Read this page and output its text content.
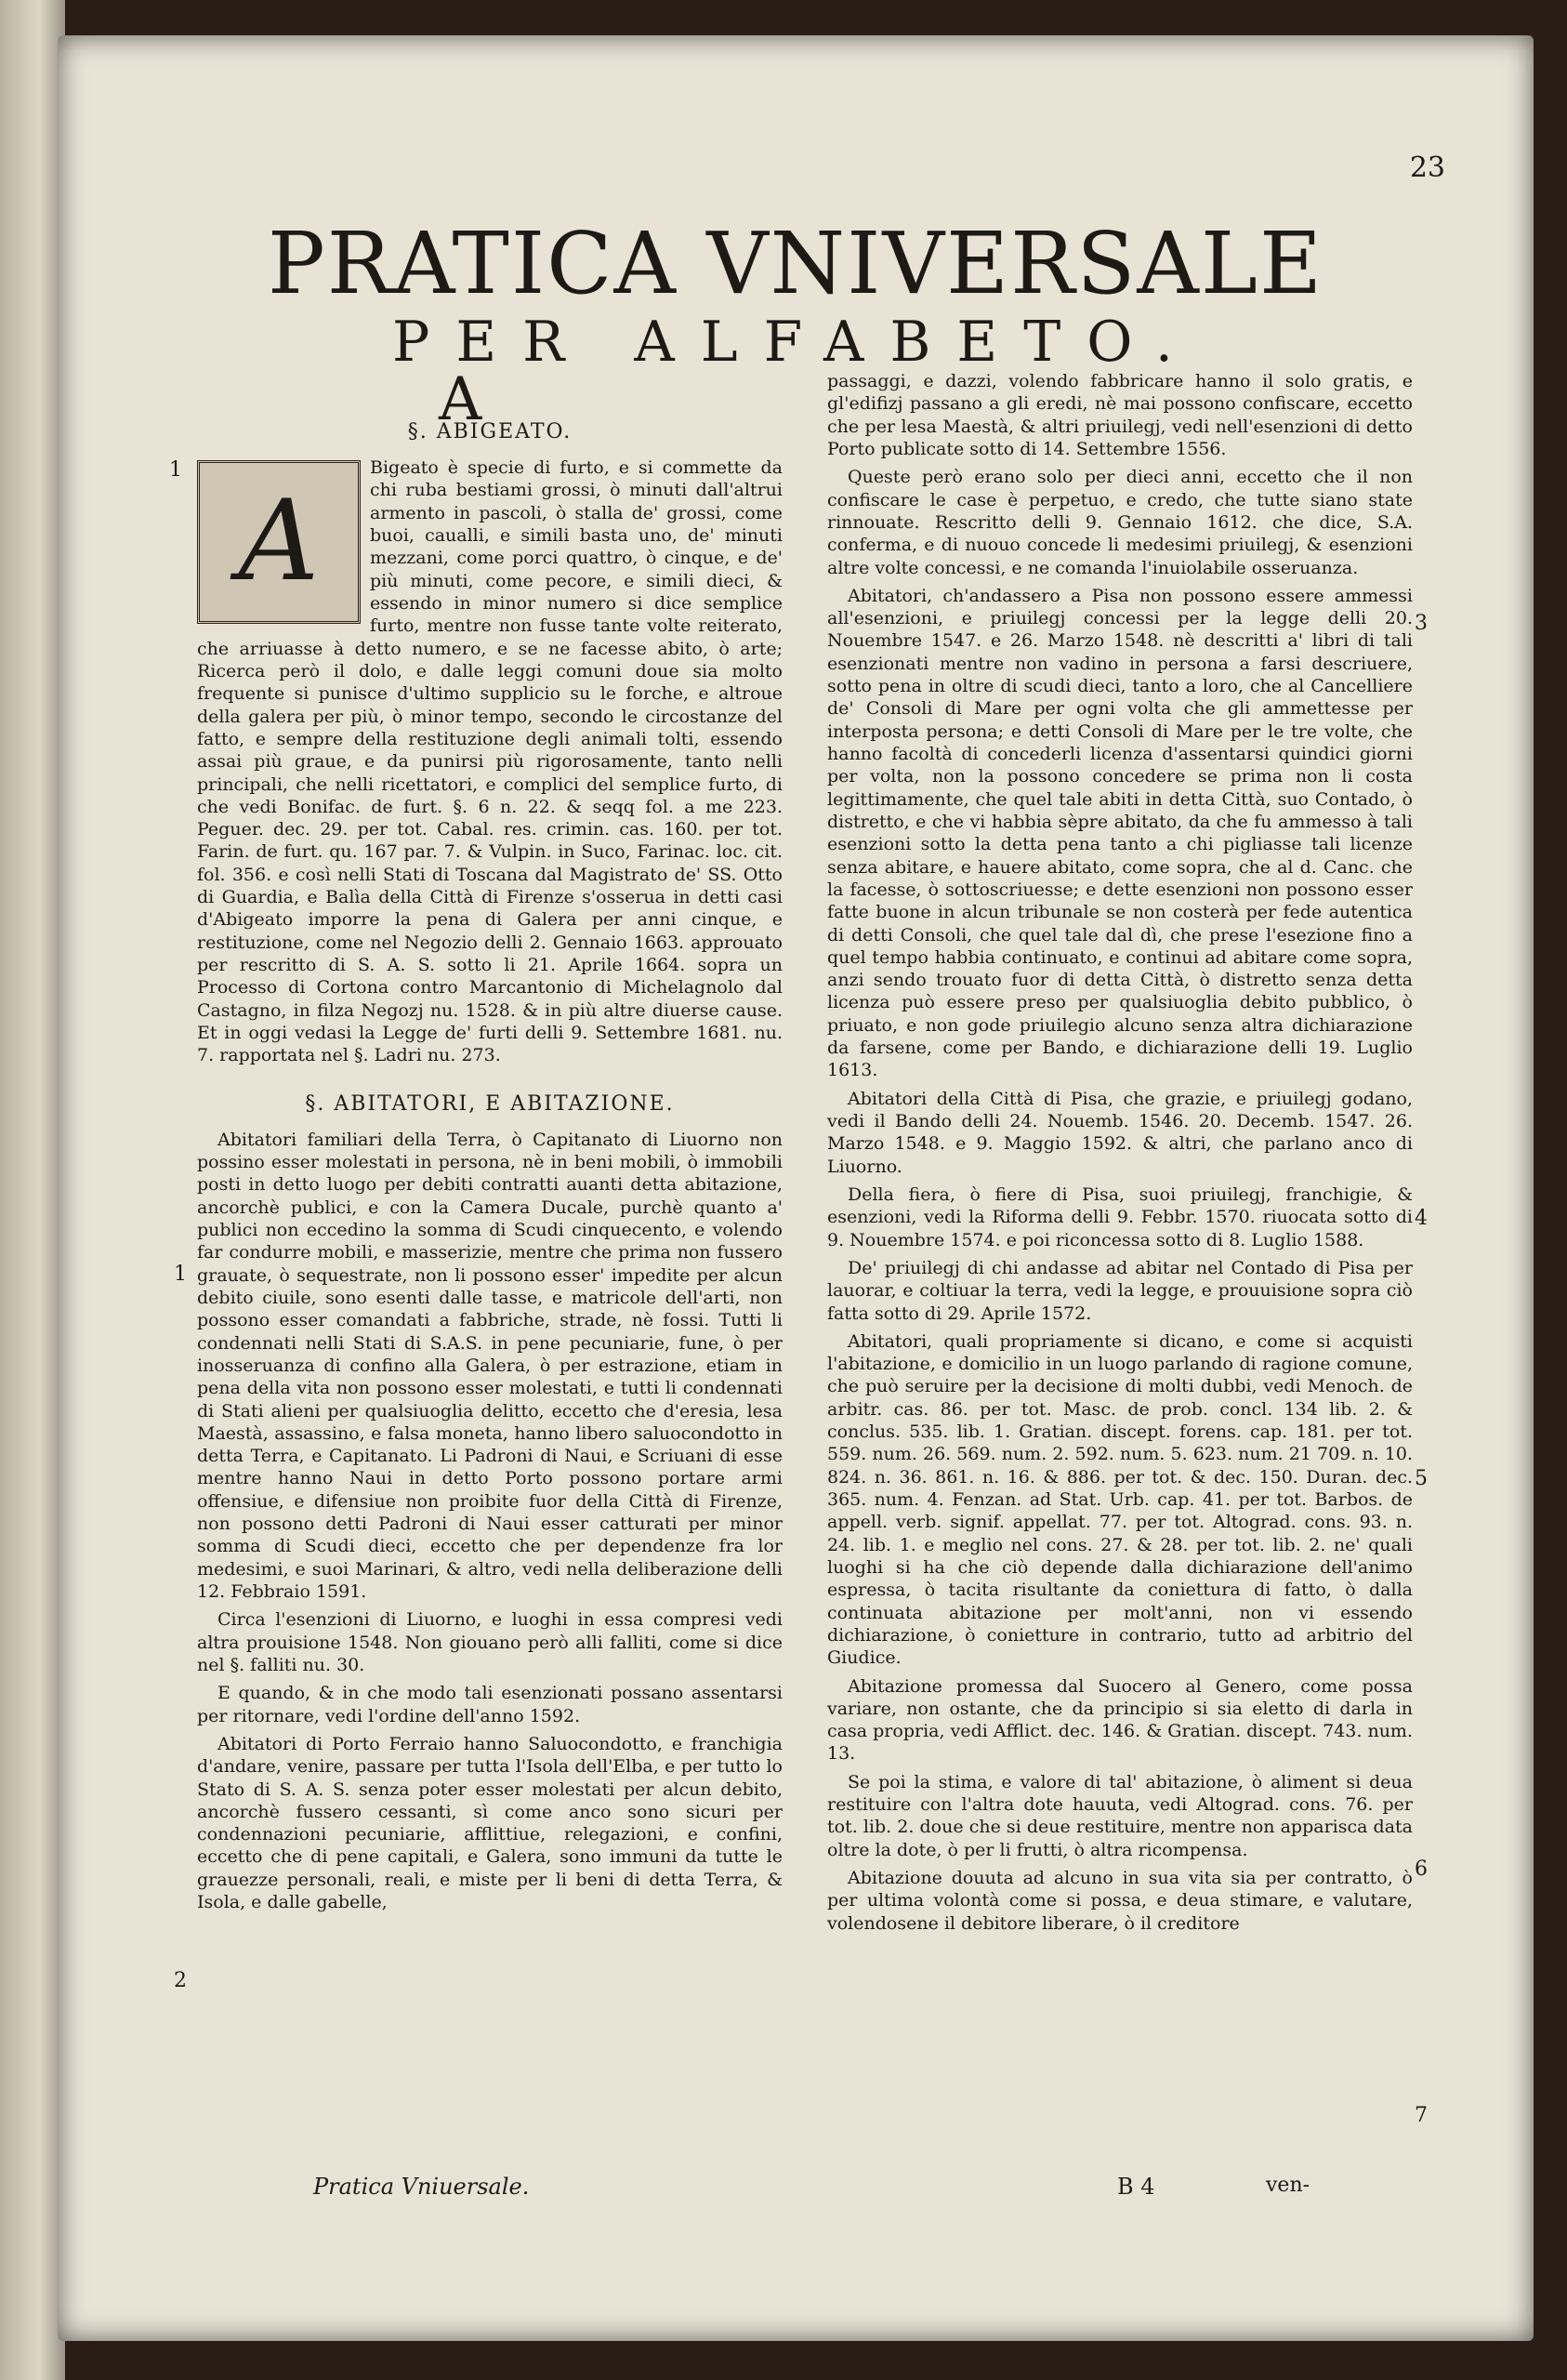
23
PRATICA VNIVERSALE
PER ALFABETO.
A
§. ABIGEATO.
A

Bigeato è specie di furto, e si commette da chi ruba bestiami grossi, ò minuti dall'altrui armento in pascoli, ò stalla de' grossi, come buoi, caualli, e simili basta uno, de' minuti mezzani, come porci quattro, ò cinque, e de' più minuti, come pecore, e simili dieci, & essendo in minor numero si dice semplice furto, mentre non fusse tante volte reiterato, che arriuasse à detto numero, e se ne facesse abito, ò arte; Ricerca però il dolo, e dalle leggi comuni doue sia molto frequente si punisce d'ultimo supplicio su le forche, e altroue della galera per più, ò minor tempo, secondo le circostanze del fatto, e sempre della restituzione degli animali tolti, essendo assai più graue, e da punirsi più rigorosamente, tanto nelli principali, che nelli ricettatori, e complici del semplice furto, di che vedi Bonifac. de furt. §. 6 n. 22. & seqq fol. a me 223. Peguer. dec. 29. per tot. Cabal. res. crimin. cas. 160. per tot. Farin. de furt. qu. 167 par. 7. & Vulpin. in Suco, Farinac. loc. cit. fol. 356. e così nelli Stati di Toscana dal Magistrato de' SS. Otto di Guardia, e Balìa della Città di Firenze s'osserua in detti casi d'Abigeato imporre la pena di Galera per anni cinque, e restituzione, come nel Negozio delli 2. Gennaio 1663. approuato per rescritto di S. A. S. sotto li 21. Aprile 1664. sopra un Processo di Cortona contro Marcantonio di Michelagnolo dal Castagno, in filza Negozj nu. 1528. & in più altre diuerse cause. Et in oggi vedasi la Legge de' furti delli 9. Settembre 1681. nu. 7. rapportata nel §. Ladri nu. 273.

§. ABITATORI, E ABITAZIONE.

Abitatori familiari della Terra, ò Capitanato di Liuorno non possino esser molestati in persona, nè in beni mobili, ò immobili posti in detto luogo per debiti contratti auanti detta abitazione, ancorchè publici, e con la Camera Ducale, purchè quanto a' publici non eccedino la somma di Scudi cinquecento, e volendo far condurre mobili, e masserizie, mentre che prima non fussero grauate, ò sequestrate, non li possono esser' impedite per alcun debito ciuile, sono esenti dalle tasse, e matricole dell'arti, non possono esser comandati a fabbriche, strade, nè fossi. Tutti li condennati nelli Stati di S.A.S. in pene pecuniarie, fune, ò per inosseruanza di confino alla Galera, ò per estrazione, etiam in pena della vita non possono esser molestati, e tutti li condennati di Stati alieni per qualsiuoglia delitto, eccetto che d'eresia, lesa Maestà, assassino, e falsa moneta, hanno libero saluocondotto in detta Terra, e Capitanato. Li Padroni di Naui, e Scriuani di esse mentre hanno Naui in detto Porto possono portare armi offensiue, e difensiue non proibite fuor della Città di Firenze, non possono detti Padroni di Naui esser catturati per minor somma di Scudi dieci, eccetto che per dependenze fra lor medesimi, e suoi Marinari, & altro, vedi nella deliberazione delli 12. Febbraio 1591.

Circa l'esenzioni di Liuorno, e luoghi in essa compresi vedi altra prouisione 1548. Non giouano però alli falliti, come si dice nel §. falliti nu. 30.

E quando, & in che modo tali esenzionati possano assentarsi per ritornare, vedi l'ordine dell'anno 1592.

Abitatori di Porto Ferraio hanno Saluocondotto, e franchigia d'andare, venire, passare per tutta l'Isola dell'Elba, e per tutto lo Stato di S. A. S. senza poter esser molestati per alcun debito, ancorchè fussero cessanti, sì come anco sono sicuri per condennazioni pecuniarie, afflittiue, relegazioni, e confini, eccetto che di pene capitali, e Galera, sono immuni da tutte le grauezze personali, reali, e miste per li beni di detta Terra, & Isola, e dalle gabelle,

passaggi, e dazzi, volendo fabbricare hanno il solo gratis, e gl'edifizj passano a gli eredi, nè mai possono confiscare, eccetto che per lesa Maestà, & altri priuilegj, vedi nell'esenzioni di detto Porto publicate sotto di 14. Settembre 1556.

Queste però erano solo per dieci anni, eccetto che il non confiscare le case è perpetuo, e credo, che tutte siano state rinnouate. Rescritto delli 9. Gennaio 1612. che dice, S.A. conferma, e di nuouo concede li medesimi priuilegj, & esenzioni altre volte concessi, e ne comanda l'inuiolabile osseruanza.

Abitatori, ch'andassero a Pisa non possono essere ammessi all'esenzioni, e priuilegj concessi per la legge delli 20. Nouembre 1547. e 26. Marzo 1548. nè descritti a' libri di tali esenzionati mentre non vadino in persona a farsi descriuere, sotto pena in oltre di scudi dieci, tanto a loro, che al Cancelliere de' Consoli di Mare per ogni volta che gli ammettesse per interposta persona; e detti Consoli di Mare per le tre volte, che hanno facoltà di concederli licenza d'assentarsi quindici giorni per volta, non la possono concedere se prima non li costa legittimamente, che quel tale abiti in detta Città, suo Contado, ò distretto, e che vi habbia sèpre abitato, da che fu ammesso à tali esenzioni sotto la detta pena tanto a chi pigliasse tali licenze senza abitare, e hauere abitato, come sopra, che al d. Canc. che la facesse, ò sottoscriuesse; e dette esenzioni non possono esser fatte buone in alcun tribunale se non costerà per fede autentica di detti Consoli, che quel tale dal dì, che prese l'esezione fino a quel tempo habbia continuato, e continui ad abitare come sopra, anzi sendo trouato fuor di detta Città, ò distretto senza detta licenza può essere preso per qualsiuoglia debito pubblico, ò priuato, e non gode priuilegio alcuno senza altra dichiarazione da farsene, come per Bando, e dichiarazione delli 19. Luglio 1613.

Abitatori della Città di Pisa, che grazie, e priuilegj godano, vedi il Bando delli 24. Nouemb. 1546. 20. Decemb. 1547. 26. Marzo 1548. e 9. Maggio 1592. & altri, che parlano anco di Liuorno.

Della fiera, ò fiere di Pisa, suoi priuilegj, franchigie, & esenzioni, vedi la Riforma delli 9. Febbr. 1570. riuocata sotto di 9. Nouembre 1574. e poi riconcessa sotto di 8. Luglio 1588.

De' priuilegj di chi andasse ad abitar nel Contado di Pisa per lauorar, e coltiuar la terra, vedi la legge, e prouuisione sopra ciò fatta sotto di 29. Aprile 1572.

Abitatori, quali propriamente si dicano, e come si acquisti l'abitazione, e domicilio in un luogo parlando di ragione comune, che può seruire per la decisione di molti dubbi, vedi Menoch. de arbitr. cas. 86. per tot. Masc. de prob. concl. 134 lib. 2. & conclus. 535. lib. 1. Gratian. discept. forens. cap. 181. per tot. 559. num. 26. 569. num. 2. 592. num. 5. 623. num. 21 709. n. 10. 824. n. 36. 861. n. 16. & 886. per tot. & dec. 150. Duran. dec. 365. num. 4. Fenzan. ad Stat. Urb. cap. 41. per tot. Barbos. de appell. verb. signif. appellat. 77. per tot. Altograd. cons. 93. n. 24. lib. 1. e meglio nel cons. 27. & 28. per tot. lib. 2. ne' quali luoghi si ha che ciò depende dalla dichiarazione dell'animo espressa, ò tacita risultante da coniettura di fatto, ò dalla continuata abitazione per molt'anni, non vi essendo dichiarazione, ò conietture in contrario, tutto ad arbitrio del Giudice.

Abitazione promessa dal Suocero al Genero, come possa variare, non ostante, che da principio si sia eletto di darla in casa propria, vedi Afflict. dec. 146. & Gratian. discept. 743. num. 13.

Se poi la stima, e valore di tal' abitazione, ò aliment si deua restituire con l'altra dote hauuta, vedi Altograd. cons. 76. per tot. lib. 2. doue che si deue restituire, mentre non apparisca data oltre la dote, ò per li frutti, ò altra ricompensa.

Abitazione douuta ad alcuno in sua vita sia per contratto, ò per ultima volontà come si possa, e deua stimare, e valutare, volendosene il debitore liberare, ò il creditore

1
1
2
3
4
5
6
7
Pratica Vniuersale.	B 4	ven-
